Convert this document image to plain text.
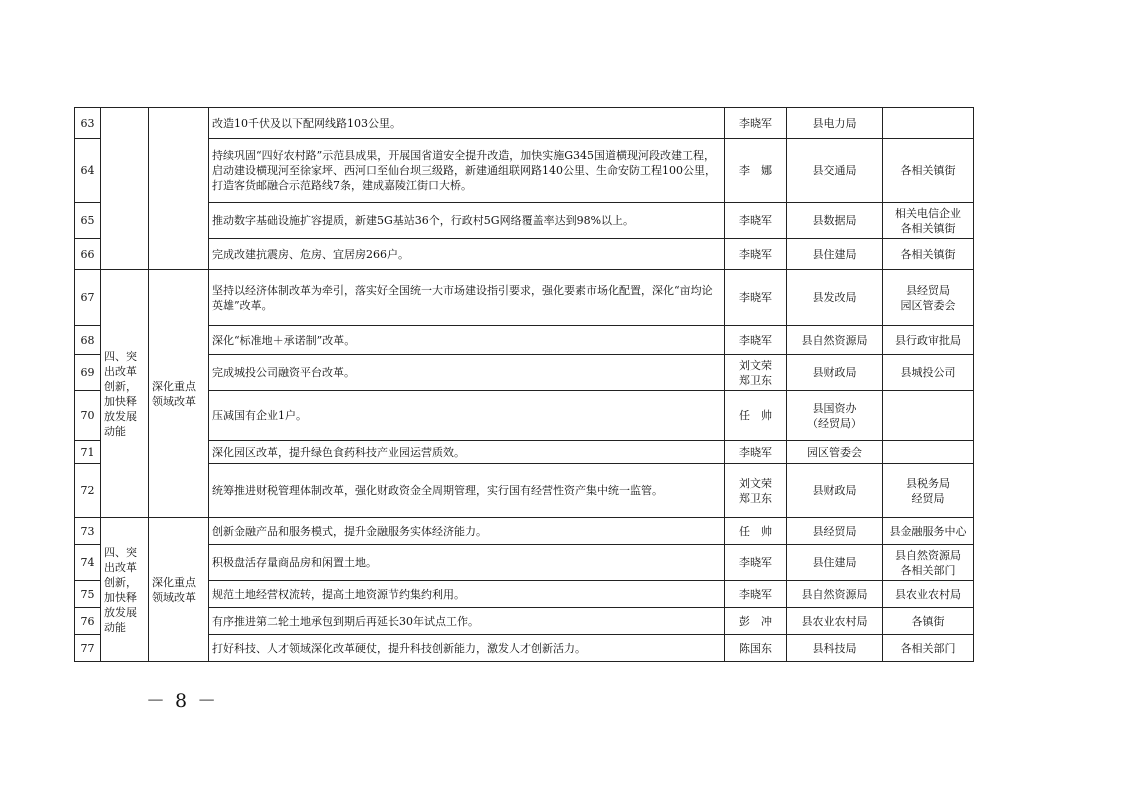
63			改造10千伏及以下配网线路103公里。	李晓军	县电力局	
64			持续巩固“四好农村路”示范县成果，开展国省道安全提升改造，加快实施G345国道横现河段改建工程，启动建设横现河至徐家坪、西河口至仙台坝三级路，新建通组联网路140公里、生命安防工程100公里，打造客货邮融合示范路线7条，建成嘉陵江街口大桥。	李　娜	县交通局	各相关镇街
65			推动数字基础设施扩容提质，新建5G基站36个，行政村5G网络覆盖率达到98%以上。	李晓军	县数据局	相关电信企业
各相关镇街
66			完成改建抗震房、危房、宜居房266户。	李晓军	县住建局	各相关镇街
67	四、突出改革创新，加快释放发展动能	深化重点领域改革	坚持以经济体制改革为牵引，落实好全国统一大市场建设指引要求，强化要素市场化配置，深化“亩均论英雄”改革。	李晓军	县发改局	县经贸局
园区管委会
68			深化“标准地＋承诺制”改革。	李晓军	县自然资源局	县行政审批局
69			完成城投公司融资平台改革。	刘文荣
郑卫东	县财政局	县城投公司
70			压减国有企业1户。	任　帅	县国资办
（经贸局）	
71			深化园区改革，提升绿色食药科技产业园运营质效。	李晓军	园区管委会	
72			统筹推进财税管理体制改革，强化财政资金全周期管理，实行国有经营性资产集中统一监管。	刘文荣
郑卫东	县财政局	县税务局
经贸局
73	四、突出改革创新，加快释放发展动能	深化重点领域改革	创新金融产品和服务模式，提升金融服务实体经济能力。	任　帅	县经贸局	县金融服务中心
74			积极盘活存量商品房和闲置土地。	李晓军	县住建局	县自然资源局
各相关部门
75			规范土地经营权流转，提高土地资源节约集约利用。	李晓军	县自然资源局	县农业农村局
76			有序推进第二轮土地承包到期后再延长30年试点工作。	彭　冲	县农业农村局	各镇街
77			打好科技、人才领域深化改革硬仗，提升科技创新能力，激发人才创新活力。	陈国东	县科技局	各相关部门
－ 8 －
